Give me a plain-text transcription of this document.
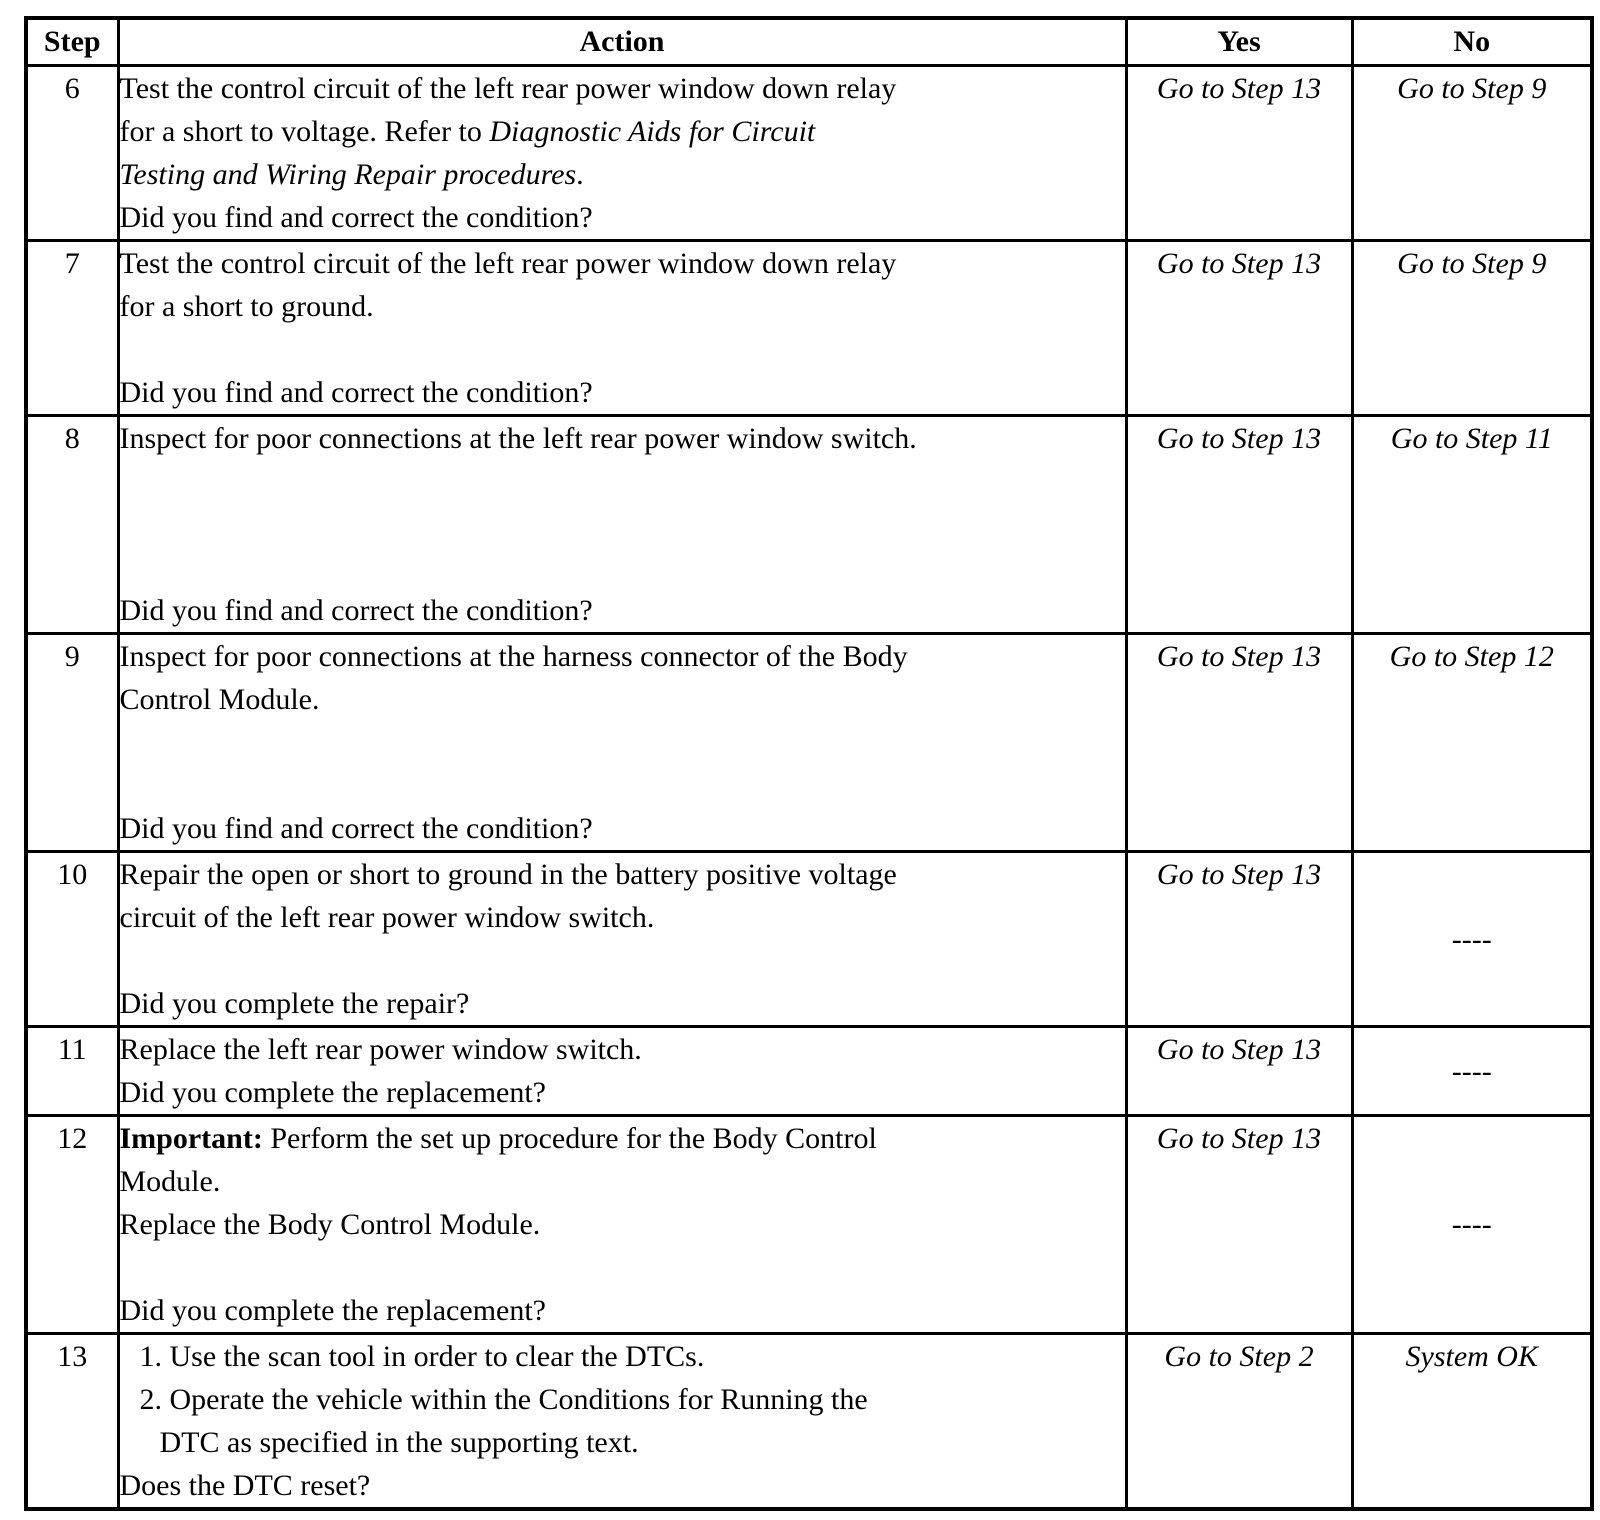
Step	Action	Yes	No
6	Test the control circuit of the left rear power window down relay
for a short to voltage. Refer to Diagnostic Aids for Circuit
Testing and Wiring Repair procedures.
Did you find and correct the condition?	Go to Step 13	Go to Step 9
7	Test the control circuit of the left rear power window down relay
for a short to ground.
Did you find and correct the condition?	Go to Step 13	Go to Step 9
8	Inspect for poor connections at the left rear power window switch.
Did you find and correct the condition?	Go to Step 13	Go to Step 11
9	Inspect for poor connections at the harness connector of the Body
Control Module.
Did you find and correct the condition?	Go to Step 13	Go to Step 12
10	Repair the open or short to ground in the battery positive voltage
circuit of the left rear power window switch.
Did you complete the repair?	Go to Step 13	----
11	Replace the left rear power window switch.
Did you complete the replacement?	Go to Step 13	----
12	Important: Perform the set up procedure for the Body Control
Module.
Replace the Body Control Module.
Did you complete the replacement?	Go to Step 13	----
13	1. Use the scan tool in order to clear the DTCs.
2. Operate the vehicle within the Conditions for Running the
DTC as specified in the supporting text.
Does the DTC reset?	Go to Step 2	System OK
